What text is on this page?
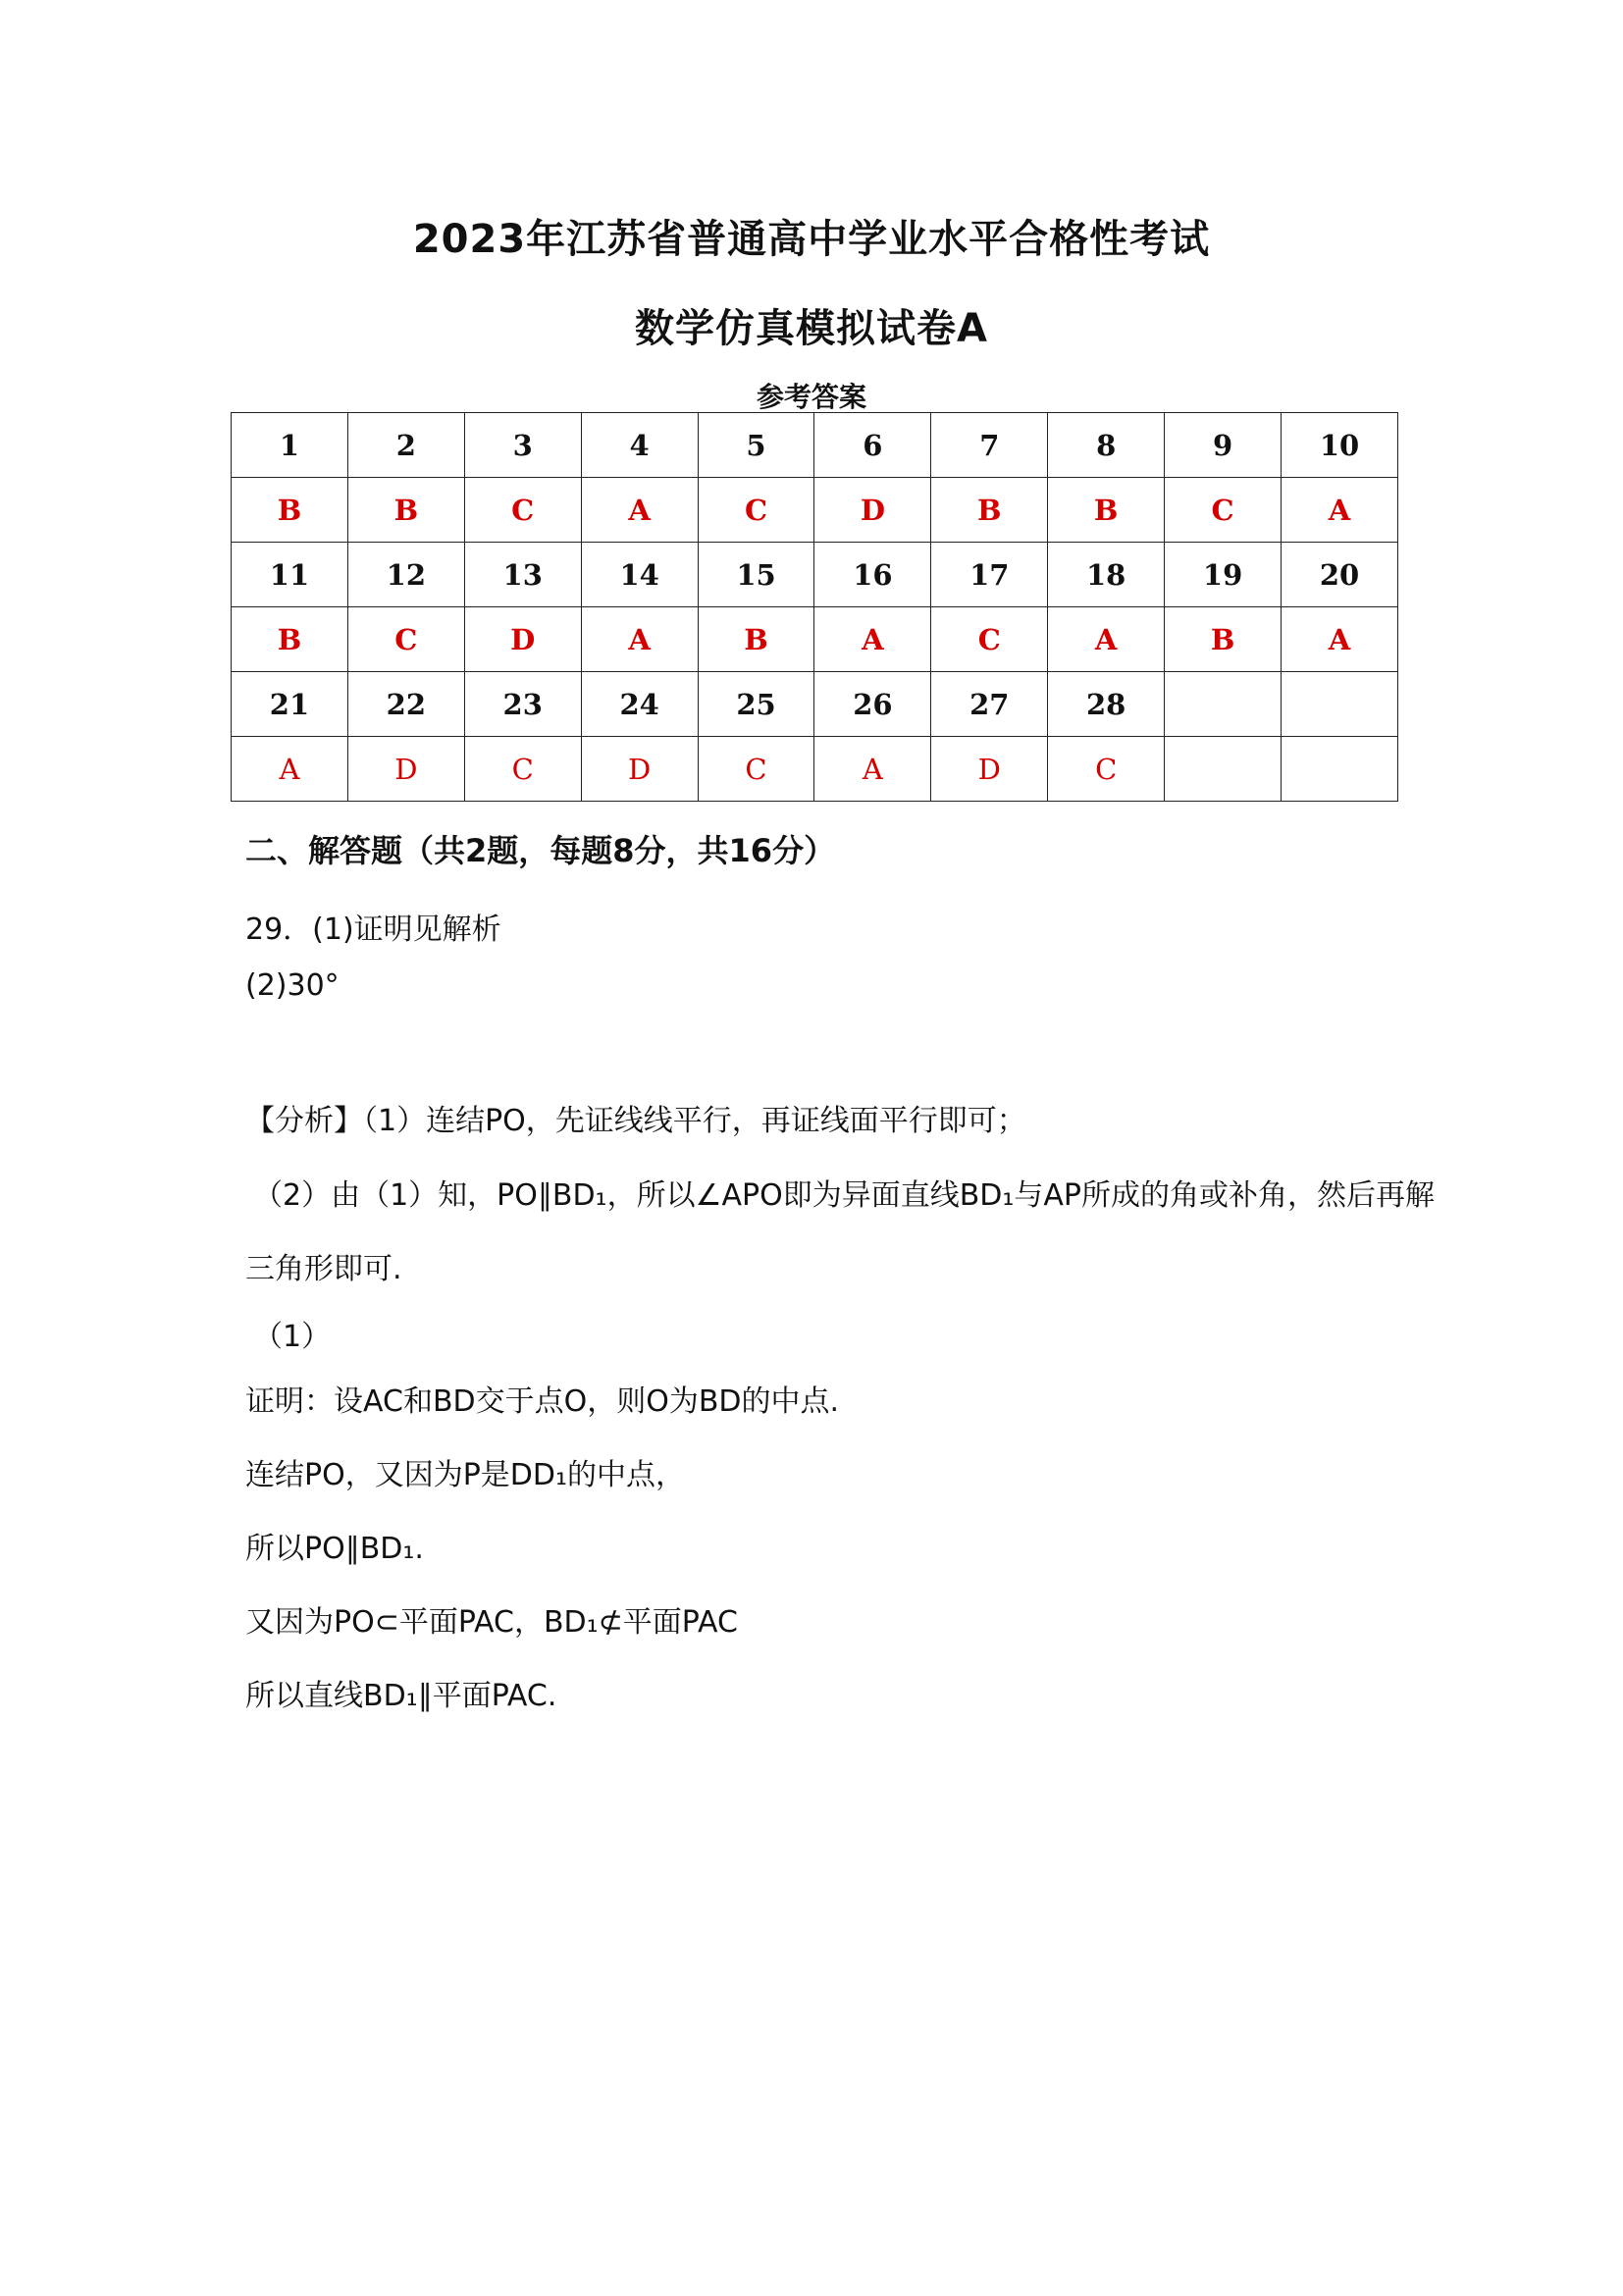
2023年江苏省普通高中学业水平合格性考试
数学仿真模拟试卷A
参考答案
1	2	3	4	5	6	7	8	9	10
B	B	C	A	C	D	B	B	C	A
11	12	13	14	15	16	17	18	19	20
B	C	D	A	B	A	C	A	B	A
21	22	23	24	25	26	27	28		
A	D	C	D	C	A	D	C		
二、解答题（共2题，每题8分，共16分）
29．(1)证明见解析
(2)30°
【分析】（1）连结PO，先证线线平行，再证线面平行即可；
（2）由（1）知，PO∥BD₁，所以∠APO即为异面直线BD₁与AP所成的角或补角，然后再解
三角形即可.
（1）
证明：设AC和BD交于点O，则O为BD的中点.
连结PO，又因为P是DD₁的中点，
所以PO∥BD₁.
又因为PO⊂平面PAC，BD₁⊄平面PAC
所以直线BD₁∥平面PAC.
